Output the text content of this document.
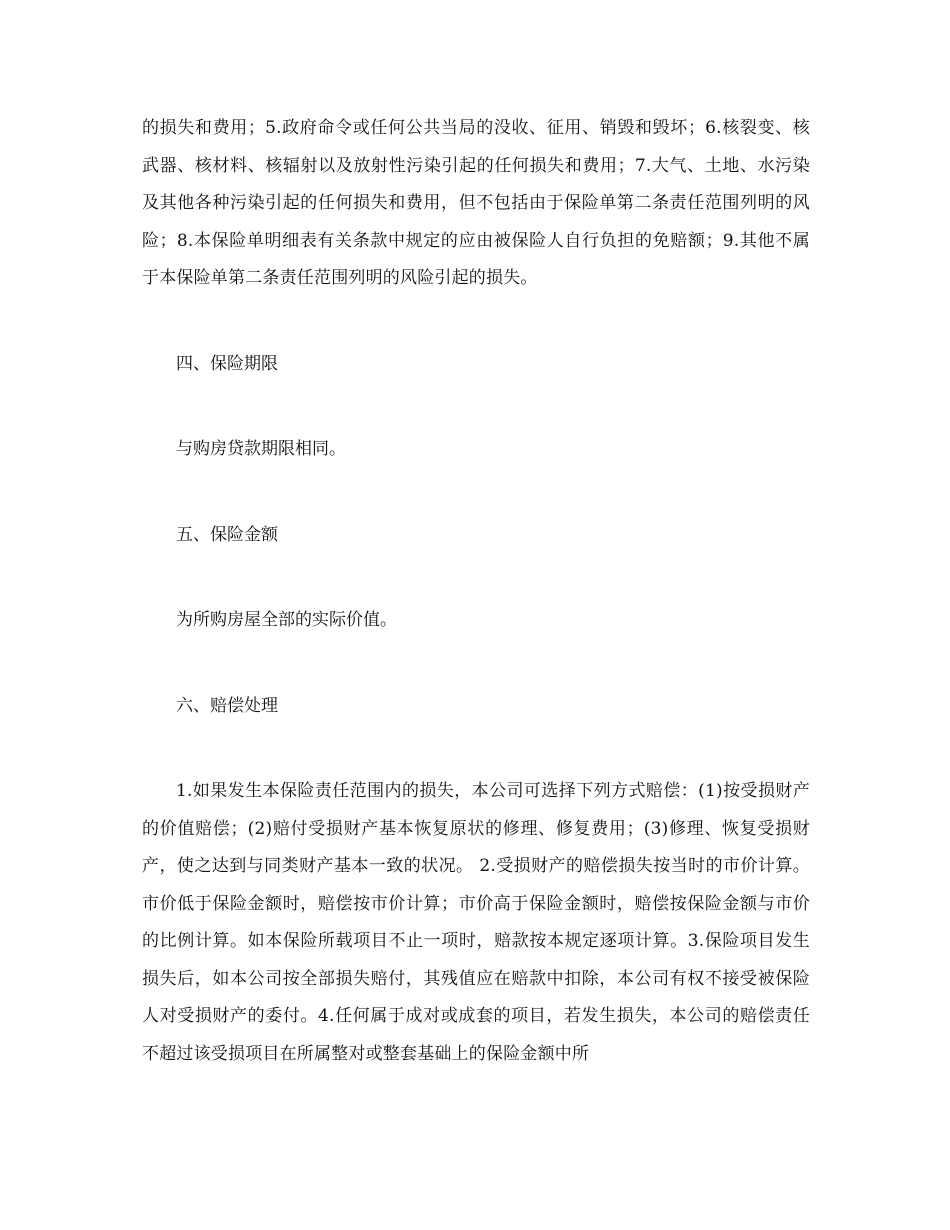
的损失和费用；5.政府命令或任何公共当局的没收、征用、销毁和毁坏；6.核裂变、核武器、核材料、核辐射以及放射性污染引起的任何损失和费用；7.大气、土地、水污染及其他各种污染引起的任何损失和费用，但不包括由于保险单第二条责任范围列明的风险；8.本保险单明细表有关条款中规定的应由被保险人自行负担的免赔额；9.其他不属于本保险单第二条责任范围列明的风险引起的损失。

四、保险期限

与购房贷款期限相同。

五、保险金额

为所购房屋全部的实际价值。

六、赔偿处理

1.如果发生本保险责任范围内的损失，本公司可选择下列方式赔偿：(1)按受损财产的价值赔偿；(2)赔付受损财产基本恢复原状的修理、修复费用；(3)修理、恢复受损财产，使之达到与同类财产基本一致的状况。 2.受损财产的赔偿损失按当时的市价计算。市价低于保险金额时，赔偿按市价计算；市价高于保险金额时，赔偿按保险金额与市价的比例计算。如本保险所载项目不止一项时，赔款按本规定逐项计算。3.保险项目发生损失后，如本公司按全部损失赔付，其残值应在赔款中扣除，本公司有权不接受被保险人对受损财产的委付。4.任何属于成对或成套的项目，若发生损失，本公司的赔偿责任不超过该受损项目在所属整对或整套基础上的保险金额中所
